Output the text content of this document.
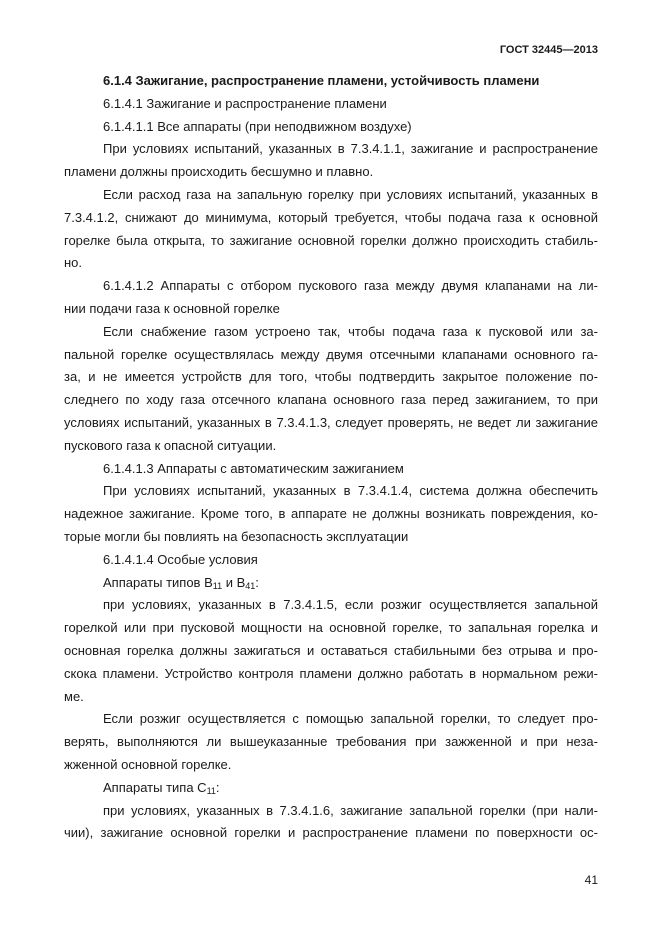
ГОСТ 32445—2013
6.1.4 Зажигание, распространение пламени, устойчивость пламени
6.1.4.1 Зажигание и распространение пламени
6.1.4.1.1 Все аппараты (при неподвижном воздухе)
При условиях испытаний, указанных в 7.3.4.1.1, зажигание и распространение
пламени должны происходить бесшумно и плавно.
Если расход газа на запальную горелку при условиях испытаний, указанных в
7.3.4.1.2, снижают до минимума, который требуется, чтобы подача газа к основной
горелке была открыта, то зажигание основной горелки должно происходить стабиль-
но.
6.1.4.1.2 Аппараты с отбором пускового газа между двумя клапанами на ли-
нии подачи газа к основной горелке
Если снабжение газом устроено так, чтобы подача газа к пусковой или за-
пальной горелке осуществлялась между двумя отсечными клапанами основного га-
за, и не имеется устройств для того, чтобы подтвердить закрытое положение по-
следнего по ходу газа отсечного клапана основного газа перед зажиганием, то при
условиях испытаний, указанных в 7.3.4.1.3, следует проверять, не ведет ли зажигание
пускового газа к опасной ситуации.
6.1.4.1.3 Аппараты с автоматическим зажиганием
При условиях испытаний, указанных в 7.3.4.1.4, система должна обеспечить
надежное зажигание. Кроме того, в аппарате не должны возникать повреждения, ко-
торые могли бы повлиять на безопасность эксплуатации
6.1.4.1.4 Особые условия
Аппараты типов $B_{11}$ и $B_{41}$:
при условиях, указанных в 7.3.4.1.5, если розжиг осуществляется запальной
горелкой или при пусковой мощности на основной горелке, то запальная горелка и
основная горелка должны зажигаться и оставаться стабильными без отрыва и про-
скока пламени. Устройство контроля пламени должно работать в нормальном режи-
ме.
Если розжиг осуществляется с помощью запальной горелки, то следует про-
верять, выполняются ли вышеуказанные требования при зажженной и при неза-
жженной основной горелке.
Аппараты типа $C_{11}$:
при условиях, указанных в 7.3.4.1.6, зажигание запальной горелки (при нали-
чии), зажигание основной горелки и распространение пламени по поверхности ос-
41
